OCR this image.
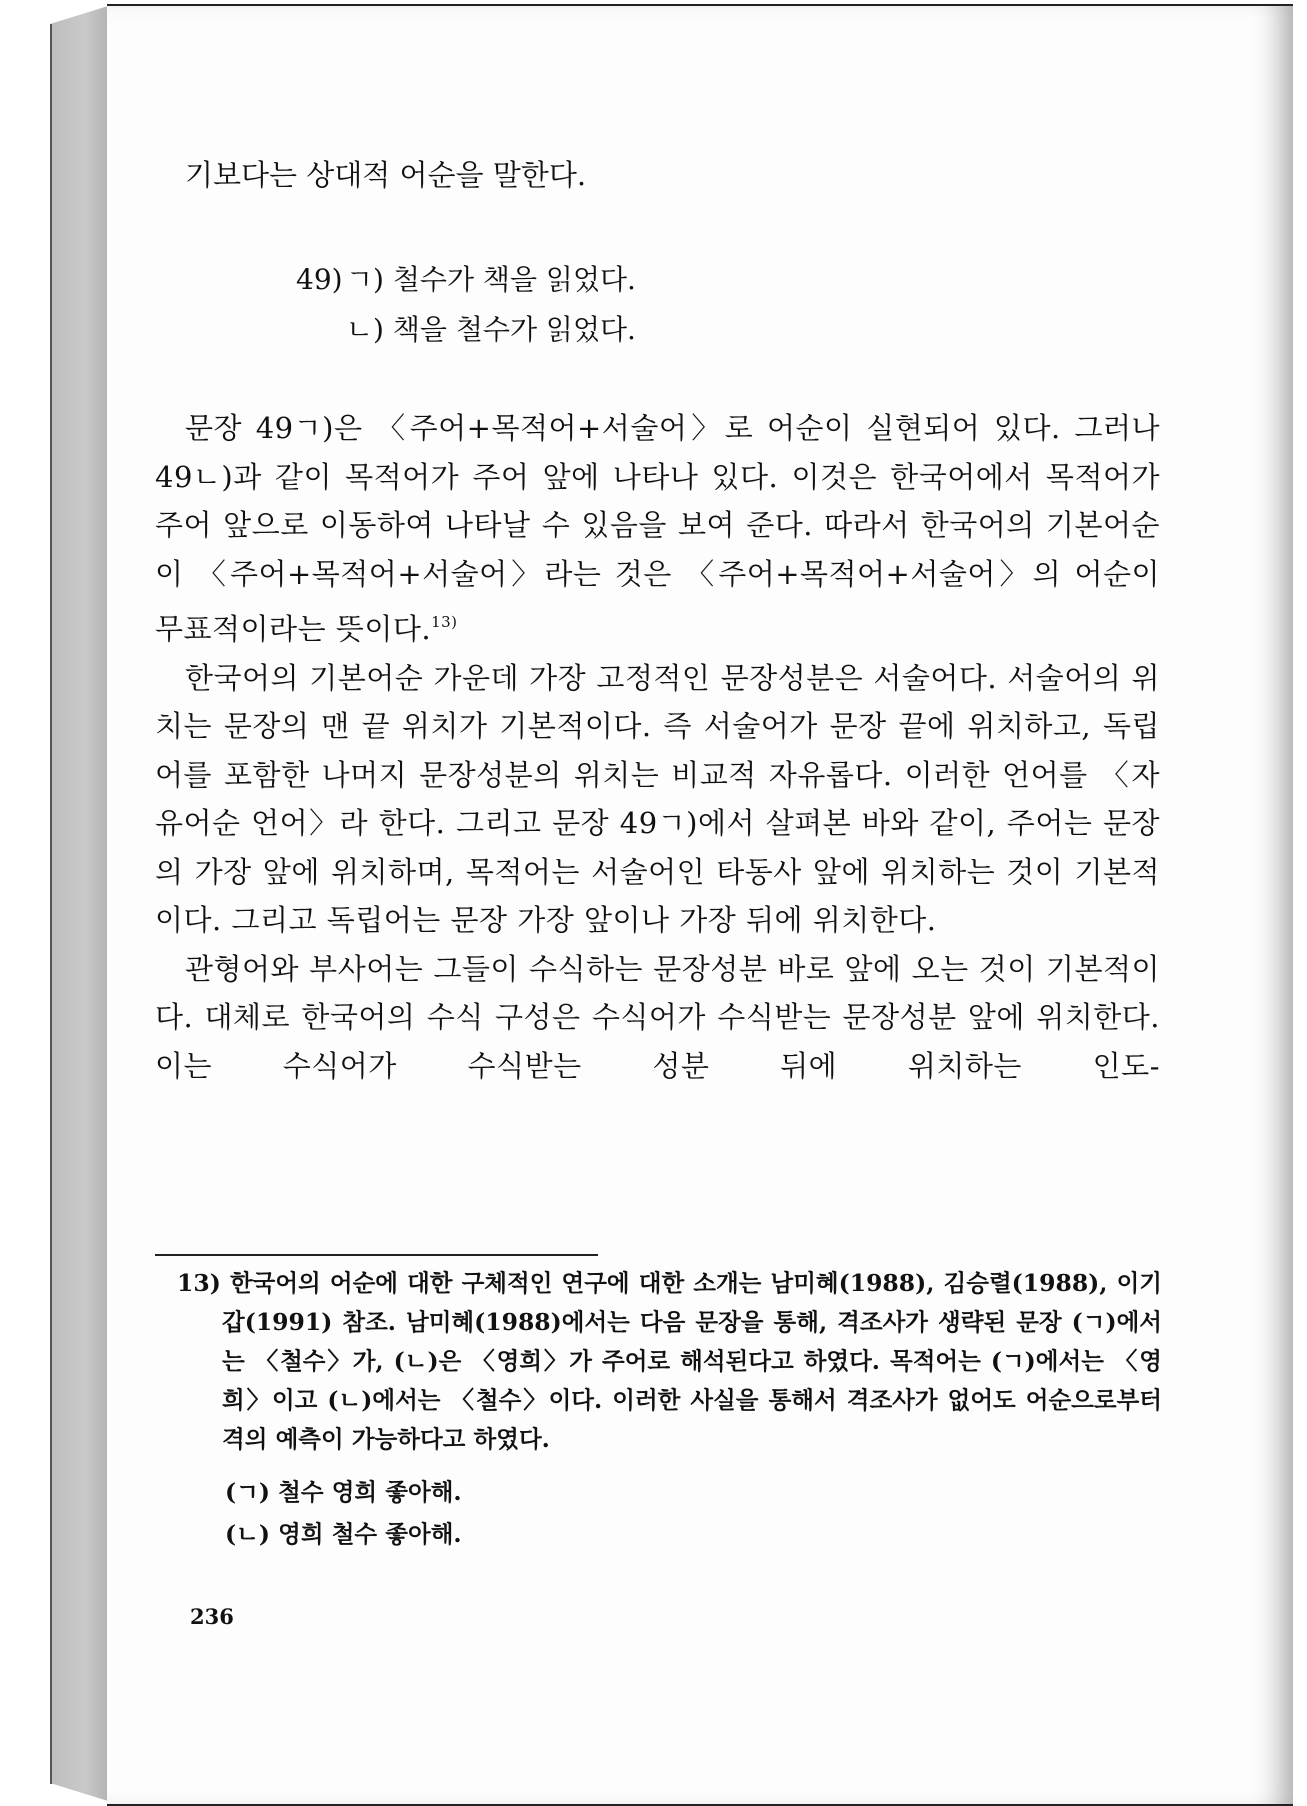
기보다는 상대적 어순을 말한다.
49) ㄱ) 철수가 책을 읽었다.
ㄴ) 책을 철수가 읽었다.

문장 49ㄱ)은 〈주어+목적어+서술어〉로 어순이 실현되어 있다. 그러나 49ㄴ)과 같이 목적어가 주어 앞에 나타나 있다. 이것은 한국어에서 목적어가 주어 앞으로 이동하여 나타날 수 있음을 보여 준다. 따라서 한국어의 기본어순이 〈주어+목적어+서술어〉라는 것은 〈주어+목적어+서술어〉의 어순이 무표적이라는 뜻이다.$^{13)}$

한국어의 기본어순 가운데 가장 고정적인 문장성분은 서술어다. 서술어의 위치는 문장의 맨 끝 위치가 기본적이다. 즉 서술어가 문장 끝에 위치하고, 독립어를 포함한 나머지 문장성분의 위치는 비교적 자유롭다. 이러한 언어를 〈자유어순 언어〉라 한다. 그리고 문장 49ㄱ)에서 살펴본 바와 같이, 주어는 문장의 가장 앞에 위치하며, 목적어는 서술어인 타동사 앞에 위치하는 것이 기본적이다. 그리고 독립어는 문장 가장 앞이나 가장 뒤에 위치한다.

관형어와 부사어는 그들이 수식하는 문장성분 바로 앞에 오는 것이 기본적이다. 대체로 한국어의 수식 구성은 수식어가 수식받는 문장성분 앞에 위치한다. 이는 수식어가 수식받는 성분 뒤에 위치하는 인도-

13) 한국어의 어순에 대한 구체적인 연구에 대한 소개는 남미혜(1988), 김승렬(1988), 이기갑(1991) 참조. 남미혜(1988)에서는 다음 문장을 통해, 격조사가 생략된 문장 (ㄱ)에서는 〈철수〉가, (ㄴ)은 〈영희〉가 주어로 해석된다고 하였다. 목적어는 (ㄱ)에서는 〈영희〉이고 (ㄴ)에서는 〈철수〉이다. 이러한 사실을 통해서 격조사가 없어도 어순으로부터 격의 예측이 가능하다고 하였다.

(ㄱ) 철수 영희 좋아해.
(ㄴ) 영희 철수 좋아해.
236
